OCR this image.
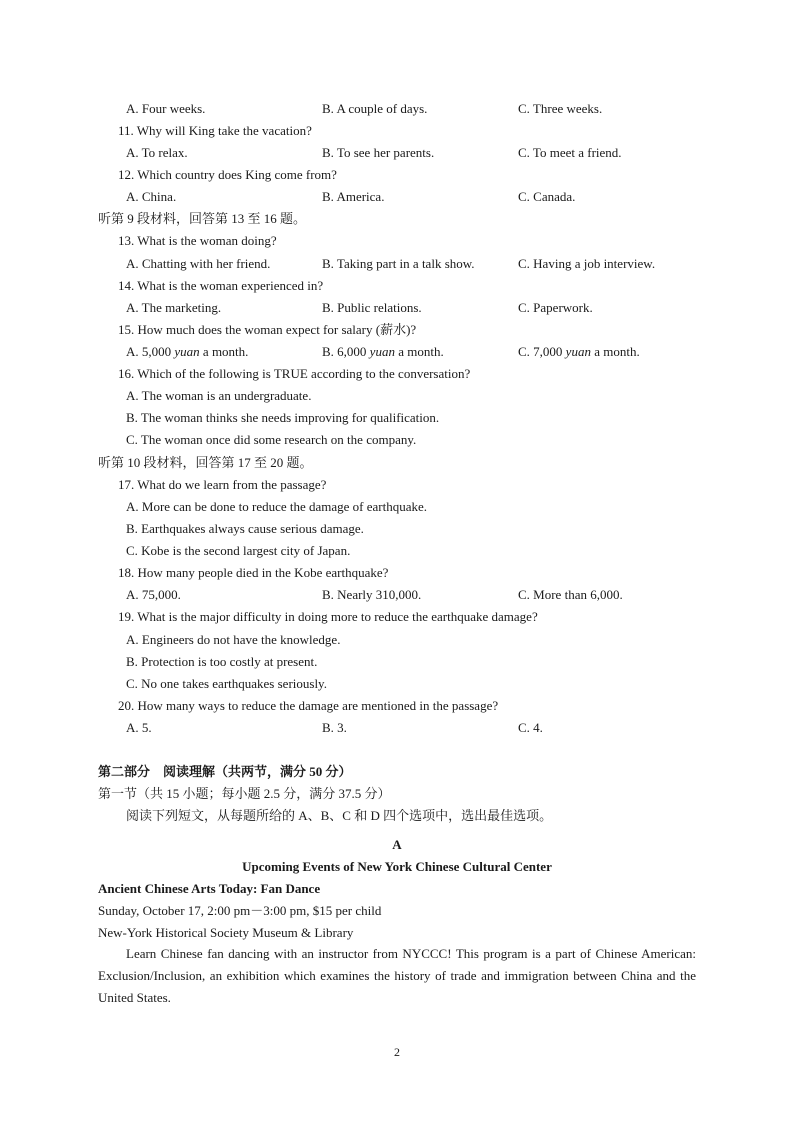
A. Four weeks.	B. A couple of days.	C. Three weeks.
11. Why will King take the vacation?
A. To relax.	B. To see her parents.	C. To meet a friend.
12. Which country does King come from?
A. China.	B. America.	C. Canada.
听第 9 段材料，回答第 13 至 16 题。
13. What is the woman doing?
A. Chatting with her friend.	B. Taking part in a talk show.	C. Having a job interview.
14. What is the woman experienced in?
A. The marketing.	B. Public relations.	C. Paperwork.
15. How much does the woman expect for salary (薪水)?
A. 5,000 yuan a month.	B. 6,000 yuan a month.	C. 7,000 yuan a month.
16. Which of the following is TRUE according to the conversation?
A. The woman is an undergraduate.
B. The woman thinks she needs improving for qualification.
C. The woman once did some research on the company.
听第 10 段材料，回答第 17 至 20 题。
17. What do we learn from the passage?
A. More can be done to reduce the damage of earthquake.
B. Earthquakes always cause serious damage.
C. Kobe is the second largest city of Japan.
18. How many people died in the Kobe earthquake?
A. 75,000.	B. Nearly 310,000.	C. More than 6,000.
19. What is the major difficulty in doing more to reduce the earthquake damage?
A. Engineers do not have the knowledge.
B. Protection is too costly at present.
C. No one takes earthquakes seriously.
20. How many ways to reduce the damage are mentioned in the passage?
A. 5.	B. 3.	C. 4.
第二部分　阅读理解（共两节，满分 50 分）
第一节（共 15 小题；每小题 2.5 分，满分 37.5 分）
阅读下列短文，从每题所给的 A、B、C 和 D 四个选项中，选出最佳选项。
A
Upcoming Events of New York Chinese Cultural Center
Ancient Chinese Arts Today: Fan Dance
Sunday, October 17, 2:00 pm－3:00 pm, $15 per child
New-York Historical Society Museum & Library
Learn Chinese fan dancing with an instructor from NYCCC! This program is a part of Chinese American: Exclusion/Inclusion, an exhibition which examines the history of trade and immigration between China and the United States.
2
